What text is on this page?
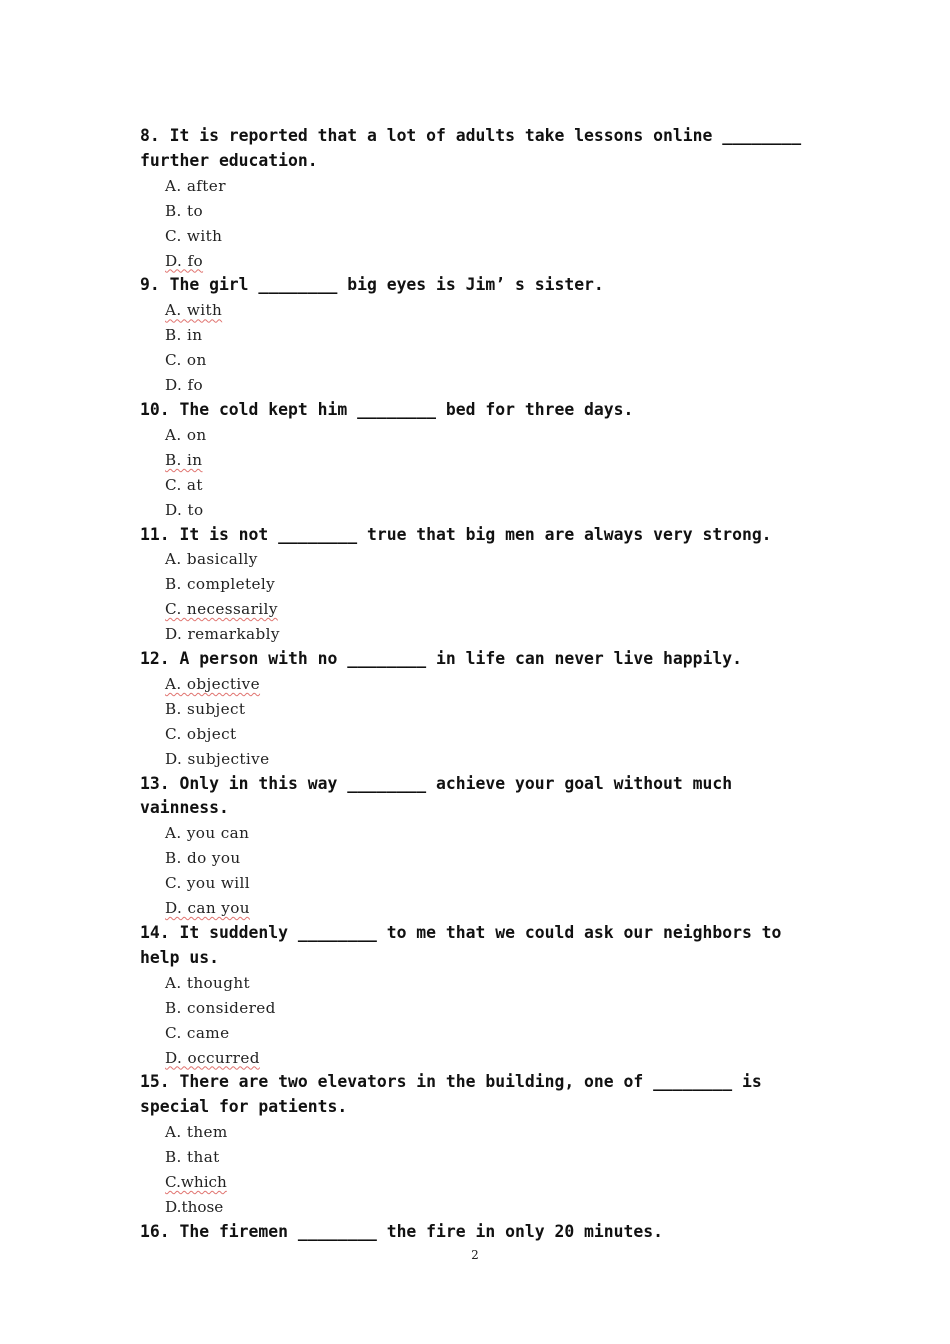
8. It is reported that a lot of adults take lessons online ________ further education.

A. after

B. to

C. with

D. fo

9. The girl ________ big eyes is Jim’ s sister.

A. with

B. in

C. on

D. fo

10. The cold kept him ________ bed for three days.

A. on

B. in

C. at

D. to

11. It is not ________ true that big men are always very strong.

A. basically

B. completely

C. necessarily

D. remarkably

12. A person with no ________ in life can never live happily.

A. objective

B. subject

C. object

D. subjective

13. Only in this way ________ achieve your goal without much vainness.

A. you can

B. do you

C. you will

D. can you

14. It suddenly ________ to me that we could ask our neighbors to help us.

A. thought

B. considered

C. came

D. occurred

15. There are two elevators in the building, one of ________ is special for patients.

A. them

B. that

C.which

D.those

16. The firemen ________ the fire in only 20 minutes.

2
